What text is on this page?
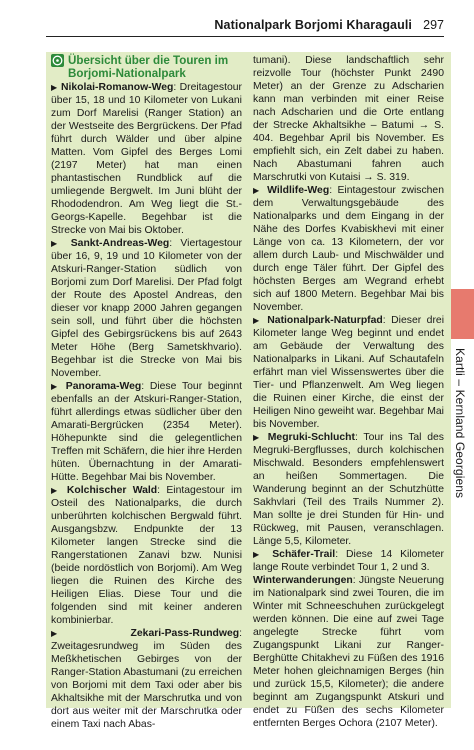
Nationalpark Borjomi Kharagauli 297
Kartli – Kernland Georgiens
Übersicht über die Touren im Borjomi-Nationalpark

▶ Nikolai-Romanow-Weg: Dreitagestour über 15, 18 und 10 Kilometer von Lukani zum Dorf Marelisi (Ranger Station) an der Westseite des Bergrückens. Der Pfad führt durch Wälder und über alpine Matten. Vom Gipfel des Berges Lomi (2197 Meter) hat man einen phantastischen Rundblick auf die umliegende Bergwelt. Im Juni blüht der Rhododendron. Am Weg liegt die St.-Georgs-Kapelle. Begehbar ist die Strecke von Mai bis Oktober.

▶ Sankt-Andreas-Weg: Viertagestour über 16, 9, 19 und 10 Kilometer von der Atskuri-Ranger-Station südlich von Borjomi zum Dorf Marelisi. Der Pfad folgt der Route des Apostel Andreas, den dieser vor knapp 2000 Jahren gegangen sein soll, und führt über die höchsten Gipfel des Gebirgsrückens bis auf 2643 Meter Höhe (Berg Sametskhvario). Begehbar ist die Strecke von Mai bis November.

▶ Panorama-Weg: Diese Tour beginnt ebenfalls an der Atskuri-Ranger-Station, führt allerdings etwas südlicher über den Amarati-Bergrücken (2354 Meter). Höhepunkte sind die gelegentlichen Treffen mit Schäfern, die hier ihre Herden hüten. Übernachtung in der Amarati-Hütte. Begehbar Mai bis November.

▶ Kolchischer Wald: Eintagestour im Osteil des Nationalparks, die durch unberührten kolchischen Bergwald führt. Ausgangsbzw. Endpunkte der 13 Kilometer langen Strecke sind die Rangerstationen Zanavi bzw. Nunisi (beide nordöstlich von Borjomi). Am Weg liegen die Ruinen des Kirche des Heiligen Elias. Diese Tour und die folgenden sind mit keiner anderen kombinierbar.

▶	Zekari-Pass-Rundweg: Zweitagesrundweg im Süden des Meßkhetischen Gebirges von der Ranger-Station Abastumani (zu erreichen von Borjomi mit dem Taxi oder aber bis Akhaltsikhe mit der Marschrutka und von dort aus weiter mit der Marschrutka oder einem Taxi nach Abas-

tumani). Diese landschaftlich sehr reizvolle Tour (höchster Punkt 2490 Meter) an der Grenze zu Adscharien kann man verbinden mit einer Reise nach Adscharien und die Orte entlang der Strecke Akhaltsikhe – Batumi → S. 404. Begehbar April bis November. Es empfiehlt sich, ein Zelt dabei zu haben. Nach Abastumani fahren auch Marschrutki von Kutaisi → S. 319.

▶ Wildlife-Weg: Eintagestour zwischen dem Verwaltungsgebäude des Nationalparks und dem Eingang in der Nähe des Dorfes Kvabiskhevi mit einer Länge von ca. 13 Kilometern, der vor allem durch Laub- und Mischwälder und durch enge Täler führt. Der Gipfel des höchsten Berges am Wegrand erhebt sich auf 1800 Metern. Begehbar Mai bis November.

▶ Nationalpark-Naturpfad: Dieser drei Kilometer lange Weg beginnt und endet am Gebäude der Verwaltung des Nationalparks in Likani. Auf Schautafeln erfährt man viel Wissenswertes über die Tier- und Pflanzenwelt. Am Weg liegen die Ruinen einer Kirche, die einst der Heiligen Nino geweiht war. Begehbar Mai bis November.

▶ Megruki-Schlucht: Tour ins Tal des Megruki-Bergflusses, durch kolchischen Mischwald. Besonders empfehlenswert an heißen Sommertagen. Die Wanderung beginnt an der Schutzhütte Sakhvlari (Teil des Trails Nummer 2). Man sollte je drei Stunden für Hin- und Rückweg, mit Pausen, veranschlagen. Länge 5,5, Kilometer.

▶ Schäfer-Trail: Diese 14 Kilometer lange Route verbindet Tour 1, 2 und 3.

Winterwanderungen: Jüngste Neuerung im Nationalpark sind zwei Touren, die im Winter mit Schneeschuhen zurückgelegt werden können. Die eine auf zwei Tage angelegte Strecke führt vom Zugangspunkt Likani zur Ranger-Berghütte Chitakhevi zu Füßen des 1916 Meter hohen gleichnamigen Berges (hin und zurück 15,5, Kilometer); die andere beginnt am Zugangspunkt Atskuri und endet zu Füßen des sechs Kilometer entfernten Berges Ochora (2107 Meter).
